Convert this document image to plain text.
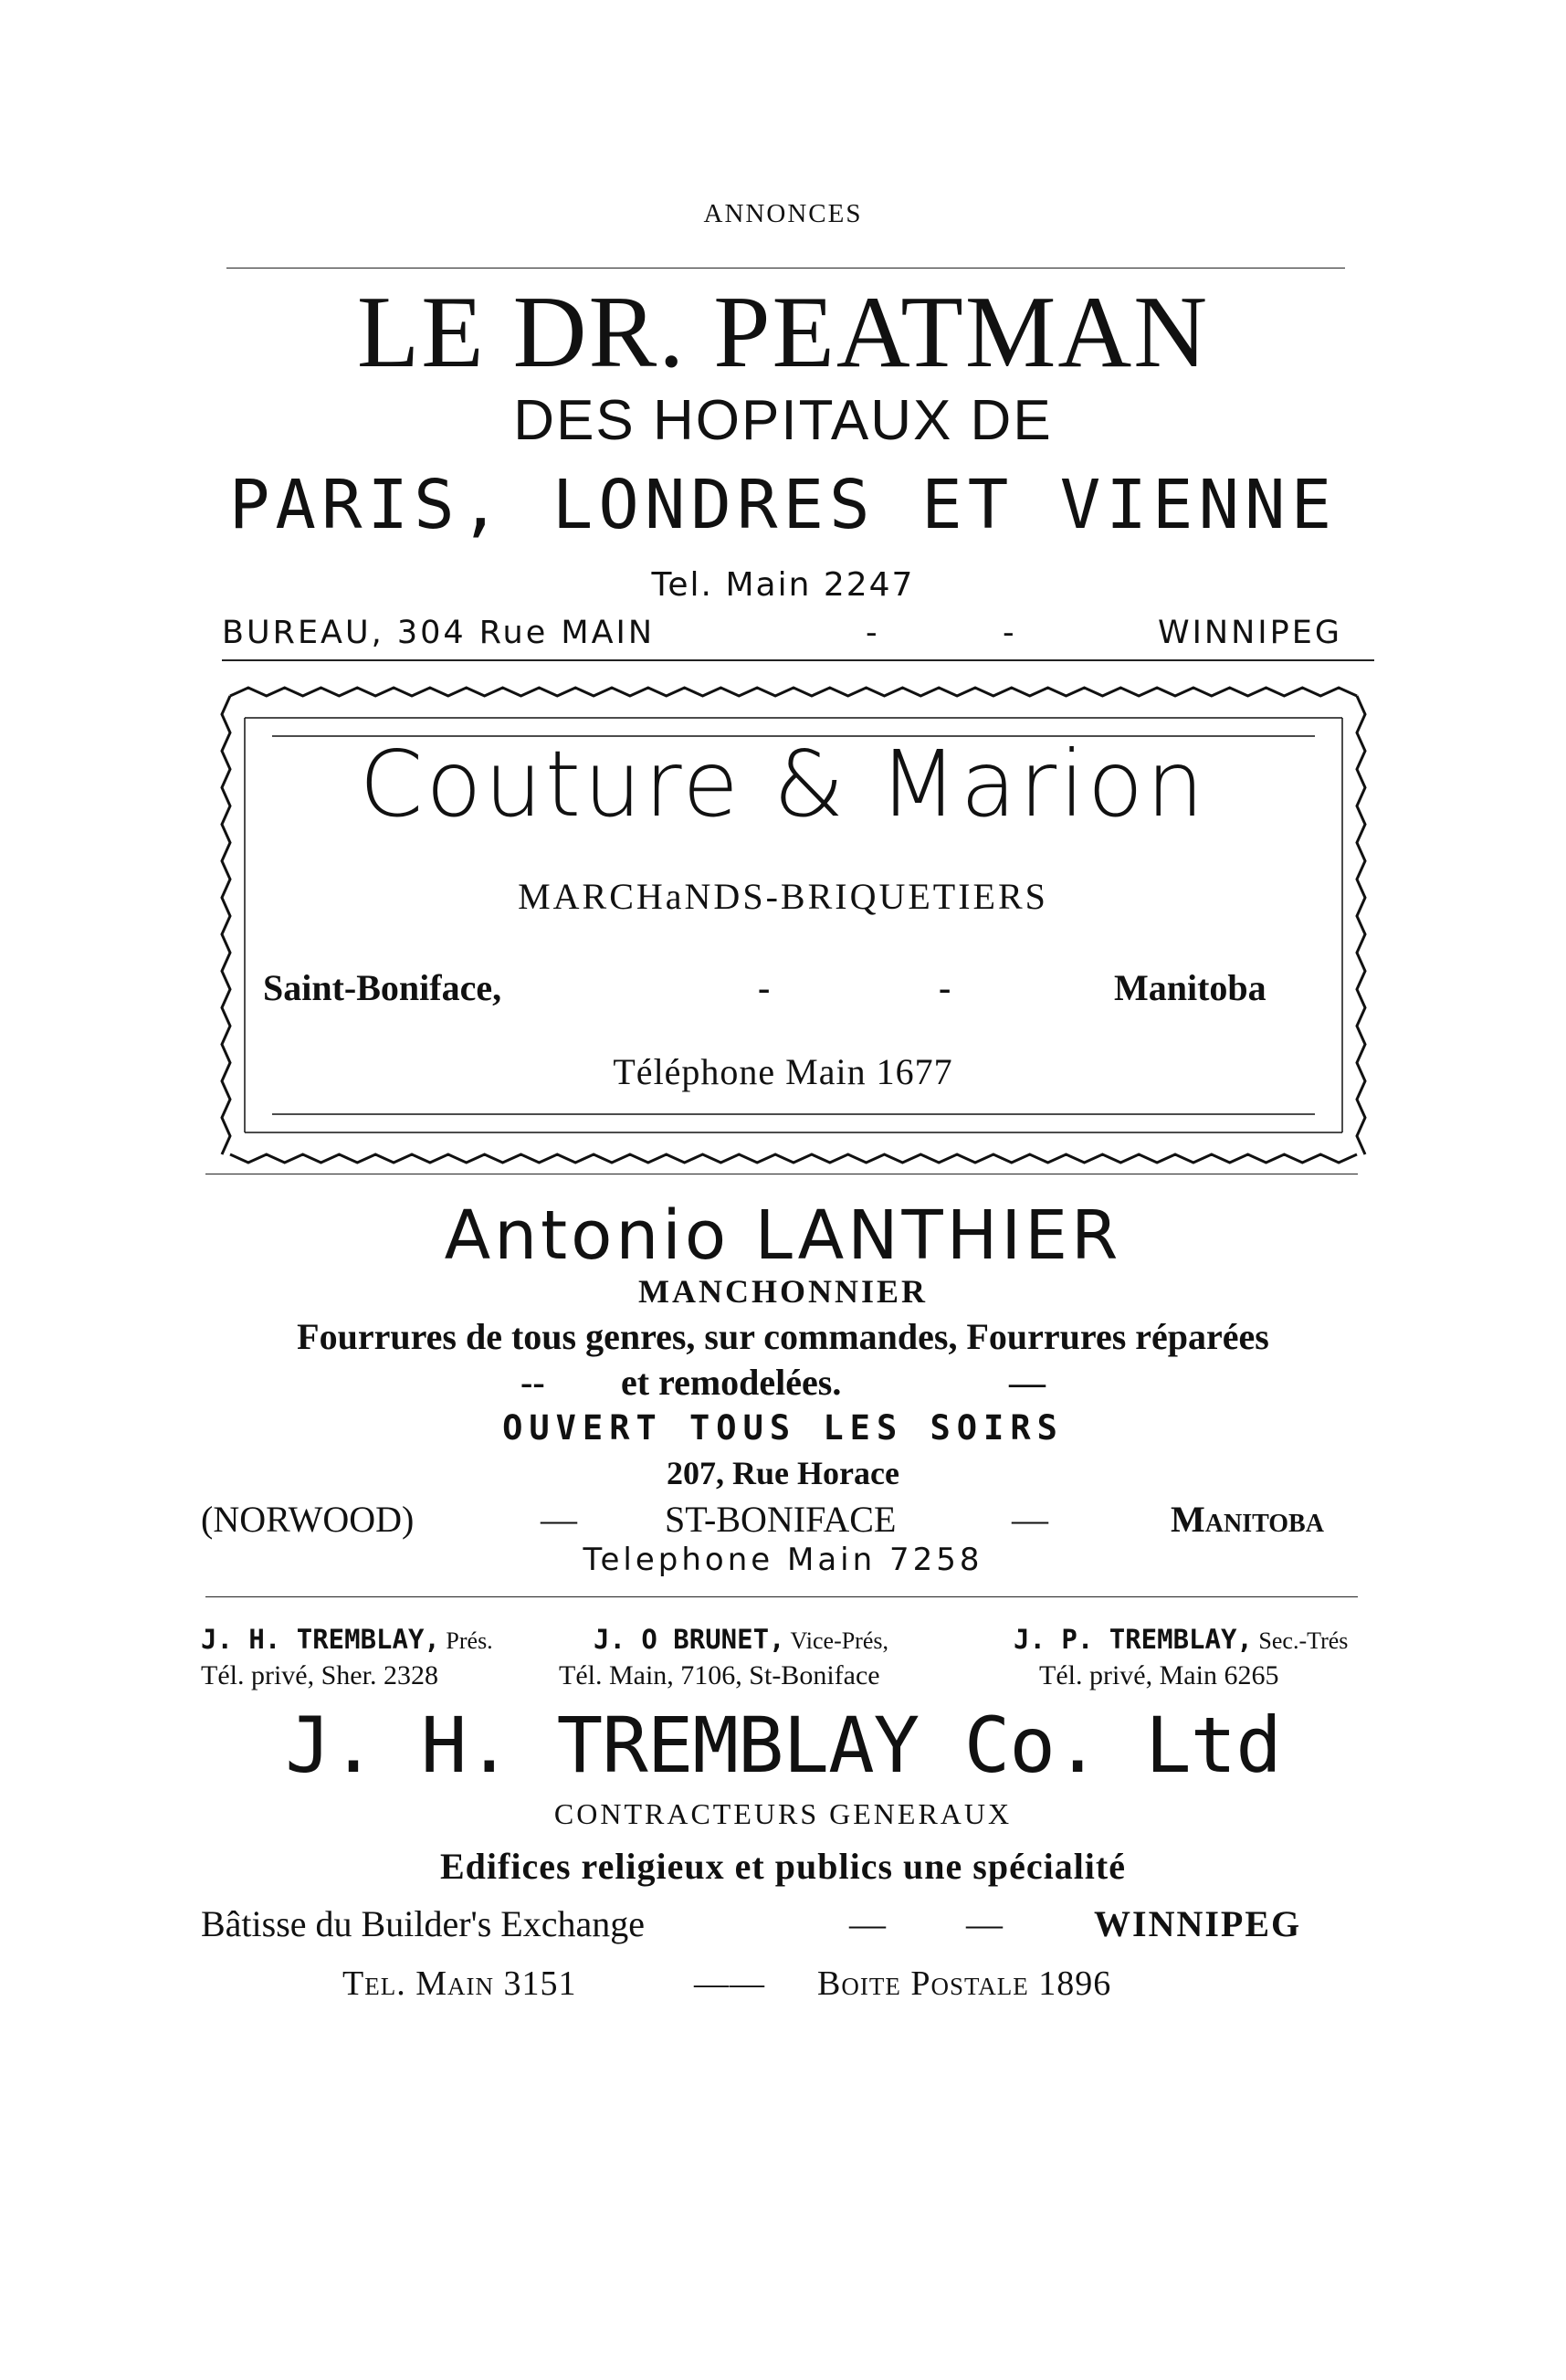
ANNONCES
LE DR. PEATMAN
DES HOPITAUX DE
PARIS, LONDRES ET VIENNE
Tel. Main 2247
BUREAU, 304 Rue MAIN	-	-	WINNIPEG
Couture & Marion
MARCHaNDS-BRIQUETIERS
Saint-Boniface,	-	-	Manitoba
Téléphone Main 1677
Antonio LANTHIER
MANCHONNIER
Fourrures de tous genres, sur commandes, Fourrures réparées
-- et remodelées.	—
OUVERT TOUS LES SOIRS
207, Rue Horace
(NORWOOD)	— ST-BONIFACE	—	Manitoba
Telephone Main 7258
J. H. TREMBLAY, Prés.	J. O BRUNET, Vice-Prés,	J. P. TREMBLAY, Sec.-Trés
Tél. privé, Sher. 2328	Tél. Main, 7106, St-Boniface	Tél. privé, Main 6265
J. H. TREMBLAY Co. Ltd
CONTRACTEURS GENERAUX
Edifices religieux et publics une spécialité
Bâtisse du Builder's Exchange	— —	WINNIPEG
Tel. Main 3151	—— Boite Postale 1896
